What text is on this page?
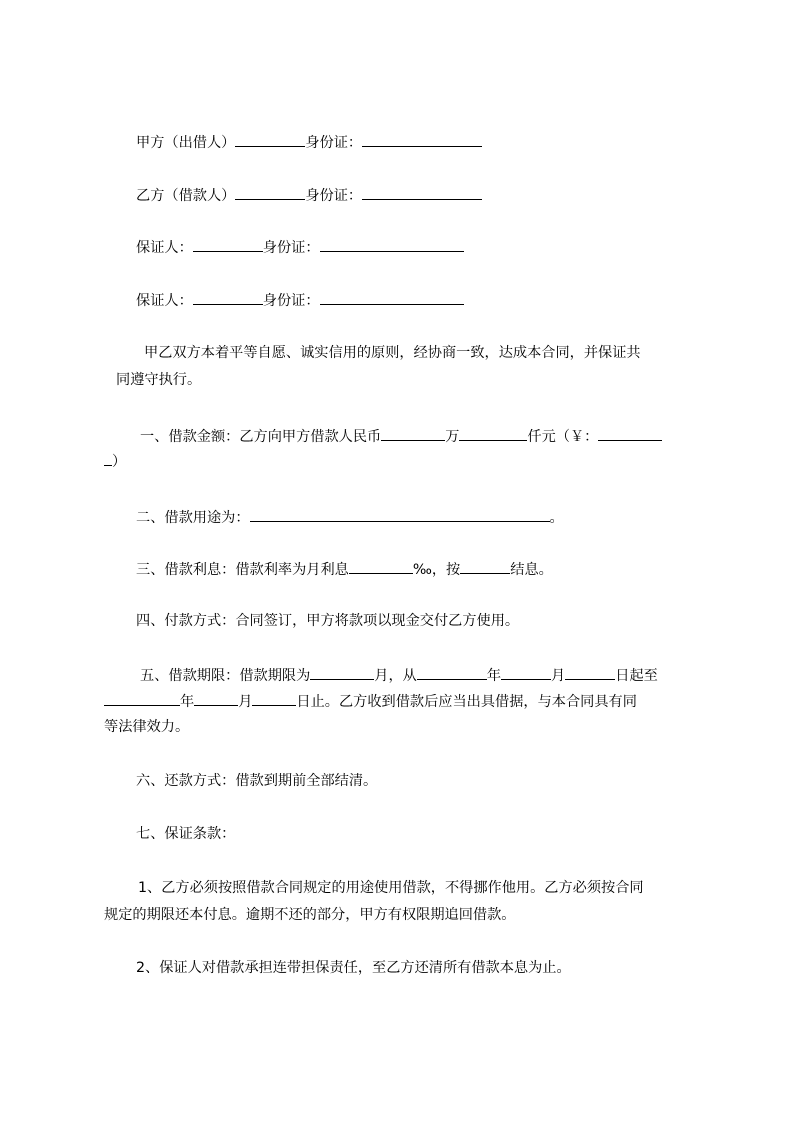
甲方（出借人）	身份证：
乙方（借款人）	身份证：
保证人：	身份证：
保证人：	身份证：
甲乙双方本着平等自愿、诚实信用的原则，经协商一致，达成本合同，并保证共
同遵守执行。
一、借款金额：乙方向甲方借款人民币	万	仟元（￥：
）
二、借款用途为：	。
三、借款利息：借款利率为月利息	‰，按	结息。
四、付款方式：合同签订，甲方将款项以现金交付乙方使用。
五、借款期限：借款期限为	月，从	年	月	日起至
年	月	日止。乙方收到借款后应当出具借据，与本合同具有同
等法律效力。
六、还款方式：借款到期前全部结清。
七、保证条款：
1、乙方必须按照借款合同规定的用途使用借款，不得挪作他用。乙方必须按合同
规定的期限还本付息。逾期不还的部分，甲方有权限期追回借款。
2、保证人对借款承担连带担保责任，至乙方还清所有借款本息为止。
